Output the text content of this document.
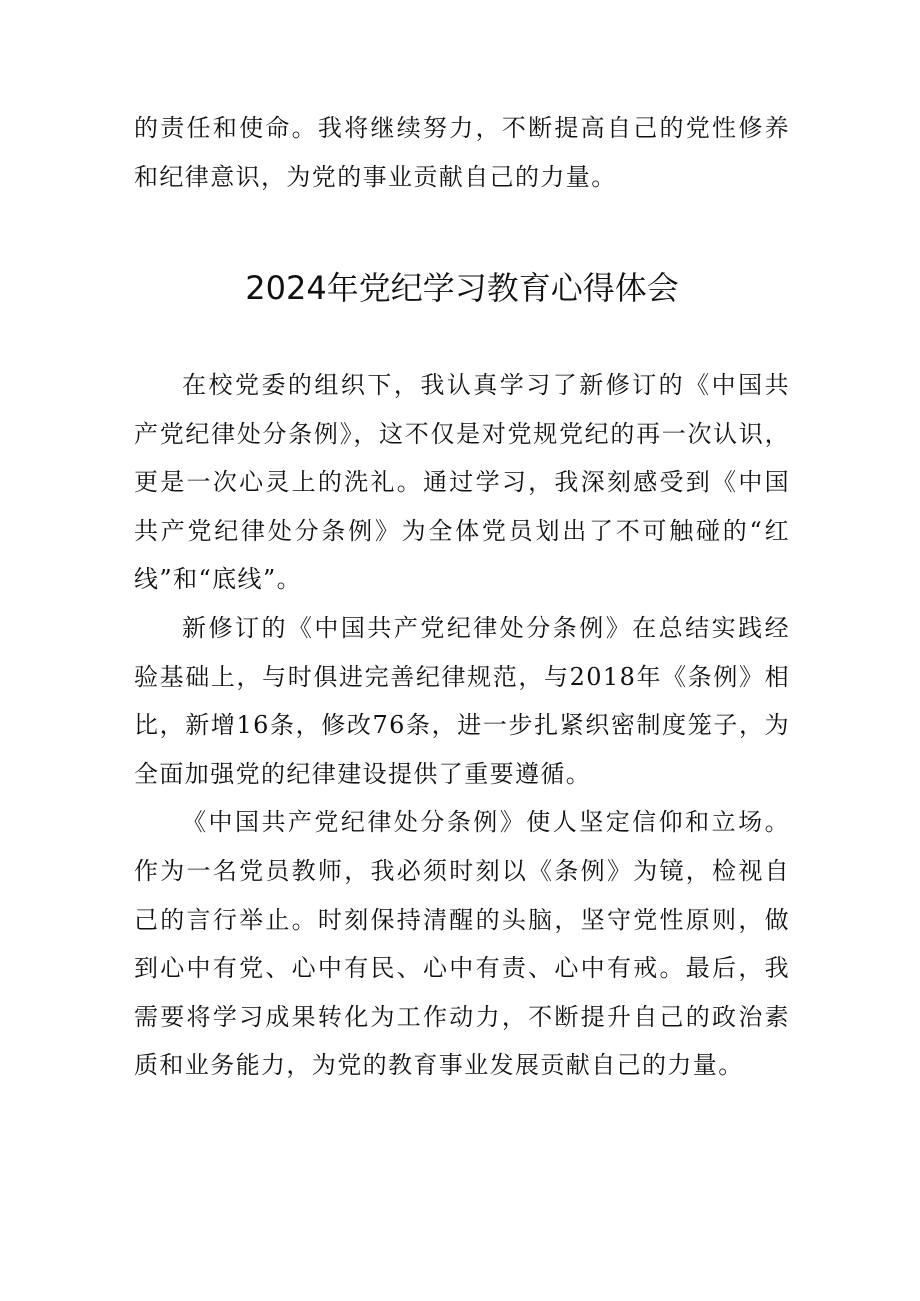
的责任和使命。我将继续努力，不断提高自己的党性修养和纪律意识，为党的事业贡献自己的力量。

2024年党纪学习教育心得体会

在校党委的组织下，我认真学习了新修订的《中国共产党纪律处分条例》，这不仅是对党规党纪的再一次认识，更是一次心灵上的洗礼。通过学习，我深刻感受到《中国共产党纪律处分条例》为全体党员划出了不可触碰的“红线”和“底线”。

新修订的《中国共产党纪律处分条例》在总结实践经验基础上，与时俱进完善纪律规范，与2018年《条例》相比，新增16条，修改76条，进一步扎紧织密制度笼子，为全面加强党的纪律建设提供了重要遵循。

《中国共产党纪律处分条例》使人坚定信仰和立场。作为一名党员教师，我必须时刻以《条例》为镜，检视自己的言行举止。时刻保持清醒的头脑，坚守党性原则，做到心中有党、心中有民、心中有责、心中有戒。最后，我需要将学习成果转化为工作动力，不断提升自己的政治素质和业务能力，为党的教育事业发展贡献自己的力量。
